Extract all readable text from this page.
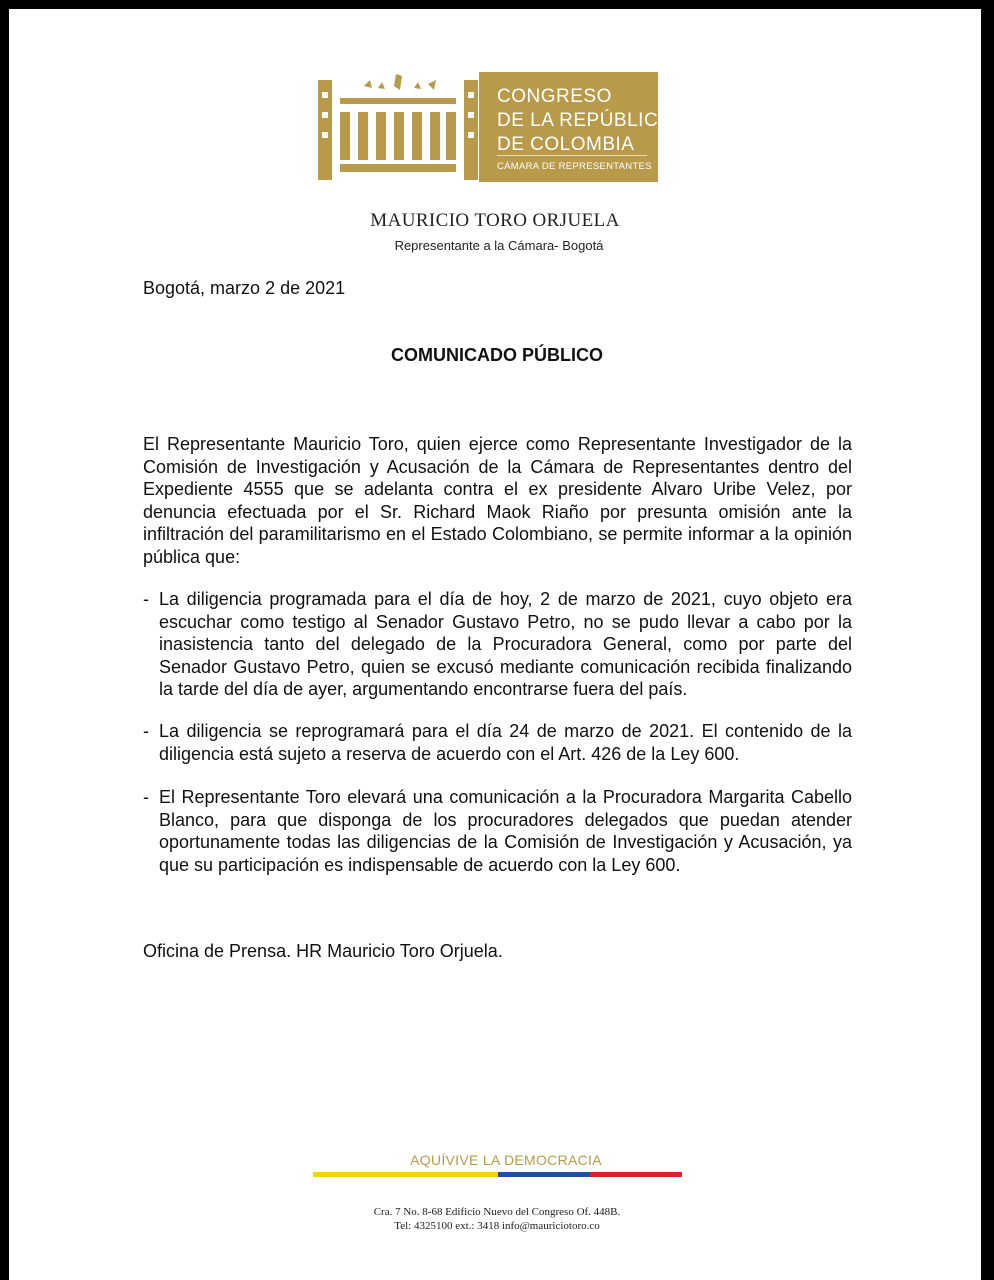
CONGRESO
DE LA REPÚBLICA
DE COLOMBIA
CÁMARA DE REPRESENTANTES
MAURICIO TORO ORJUELA
Representante a la Cámara- Bogotá
Bogotá, marzo 2 de 2021
COMUNICADO PÚBLICO
El Representante Mauricio Toro, quien ejerce como Representante Investigador de la Comisión de Investigación y Acusación de la Cámara de Representantes dentro del Expediente 4555 que se adelanta contra el ex presidente Alvaro Uribe Velez, por denuncia efectuada por el Sr. Richard Maok Riaño por presunta omisión ante la infiltración del paramilitarismo en el Estado Colombiano, se permite informar a la opinión pública que:
- La diligencia programada para el día de hoy, 2 de marzo de 2021, cuyo objeto era escuchar como testigo al Senador Gustavo Petro, no se pudo llevar a cabo por la inasistencia tanto del delegado de la Procuradora General, como por parte del Senador Gustavo Petro, quien se excusó mediante comunicación recibida finalizando la tarde del día de ayer, argumentando encontrarse fuera del país.
- La diligencia se reprogramará para el día 24 de marzo de 2021. El contenido de la diligencia está sujeto a reserva de acuerdo con el Art. 426 de la Ley 600.
- El Representante Toro elevará una comunicación a la Procuradora Margarita Cabello Blanco, para que disponga de los procuradores delegados que puedan atender oportunamente todas las diligencias de la Comisión de Investigación y Acusación, ya que su participación es indispensable de acuerdo con la Ley 600.
Oficina de Prensa. HR Mauricio Toro Orjuela.
AQUÍVIVE LA DEMOCRACIA
Cra. 7 No. 8-68 Edificio Nuevo del Congreso Of. 448B.
Tel: 4325100 ext.: 3418 info@mauriciotoro.co
